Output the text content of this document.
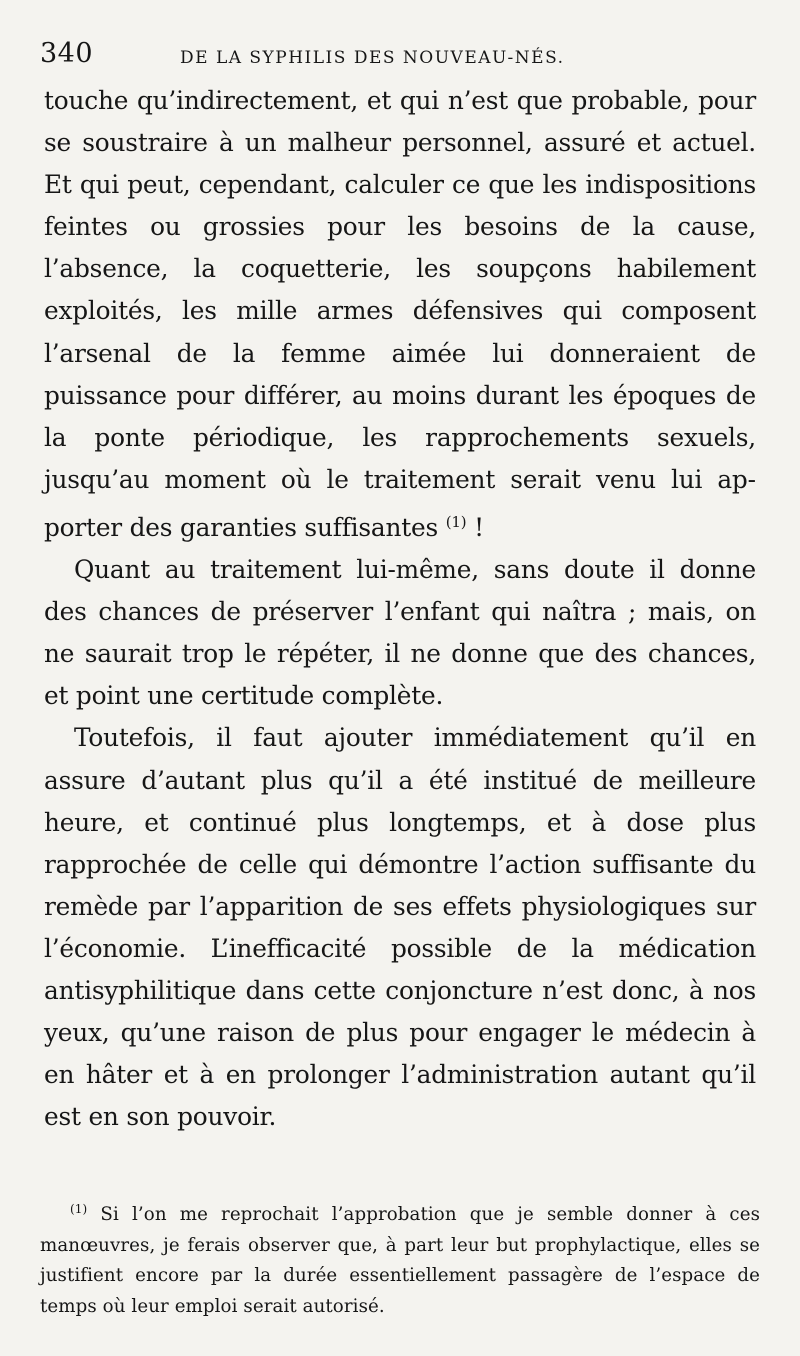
340	DE LA SYPHILIS DES NOUVEAU-NÉS.

touche qu’indirectement, et qui n’est que probable, pour se soustraire à un malheur personnel, assuré et actuel. Et qui peut, cependant, calculer ce que les indispositions feintes ou grossies pour les besoins de la cause, l’absence, la coquetterie, les soupçons habilement exploités, les mille armes défensives qui composent l’arsenal de la femme aimée lui donneraient de puissance pour différer, au moins durant les époques de la ponte périodique, les rapprochements sexuels, jusqu’au moment où le traitement serait venu lui apporter des garanties suffisantes $^{(1)}$ !

Quant au traitement lui-même, sans doute il donne des chances de préserver l’enfant qui naîtra ; mais, on ne saurait trop le répéter, il ne donne que des chances, et point une certitude complète.

Toutefois, il faut ajouter immédiatement qu’il en assure d’autant plus qu’il a été institué de meilleure heure, et continué plus longtemps, et à dose plus rapprochée de celle qui démontre l’action suffisante du remède par l’apparition de ses effets physiologiques sur l’économie. L’inefficacité possible de la médication antisyphilitique dans cette conjoncture n’est donc, à nos yeux, qu’une raison de plus pour engager le médecin à en hâter et à en prolonger l’administration autant qu’il est en son pouvoir.

$^{(1)}$ Si l’on me reprochait l’approbation que je semble donner à ces manœuvres, je ferais observer que, à part leur but prophylactique, elles se justifient encore par la durée essentiellement passagère de l’espace de temps où leur emploi serait autorisé.
